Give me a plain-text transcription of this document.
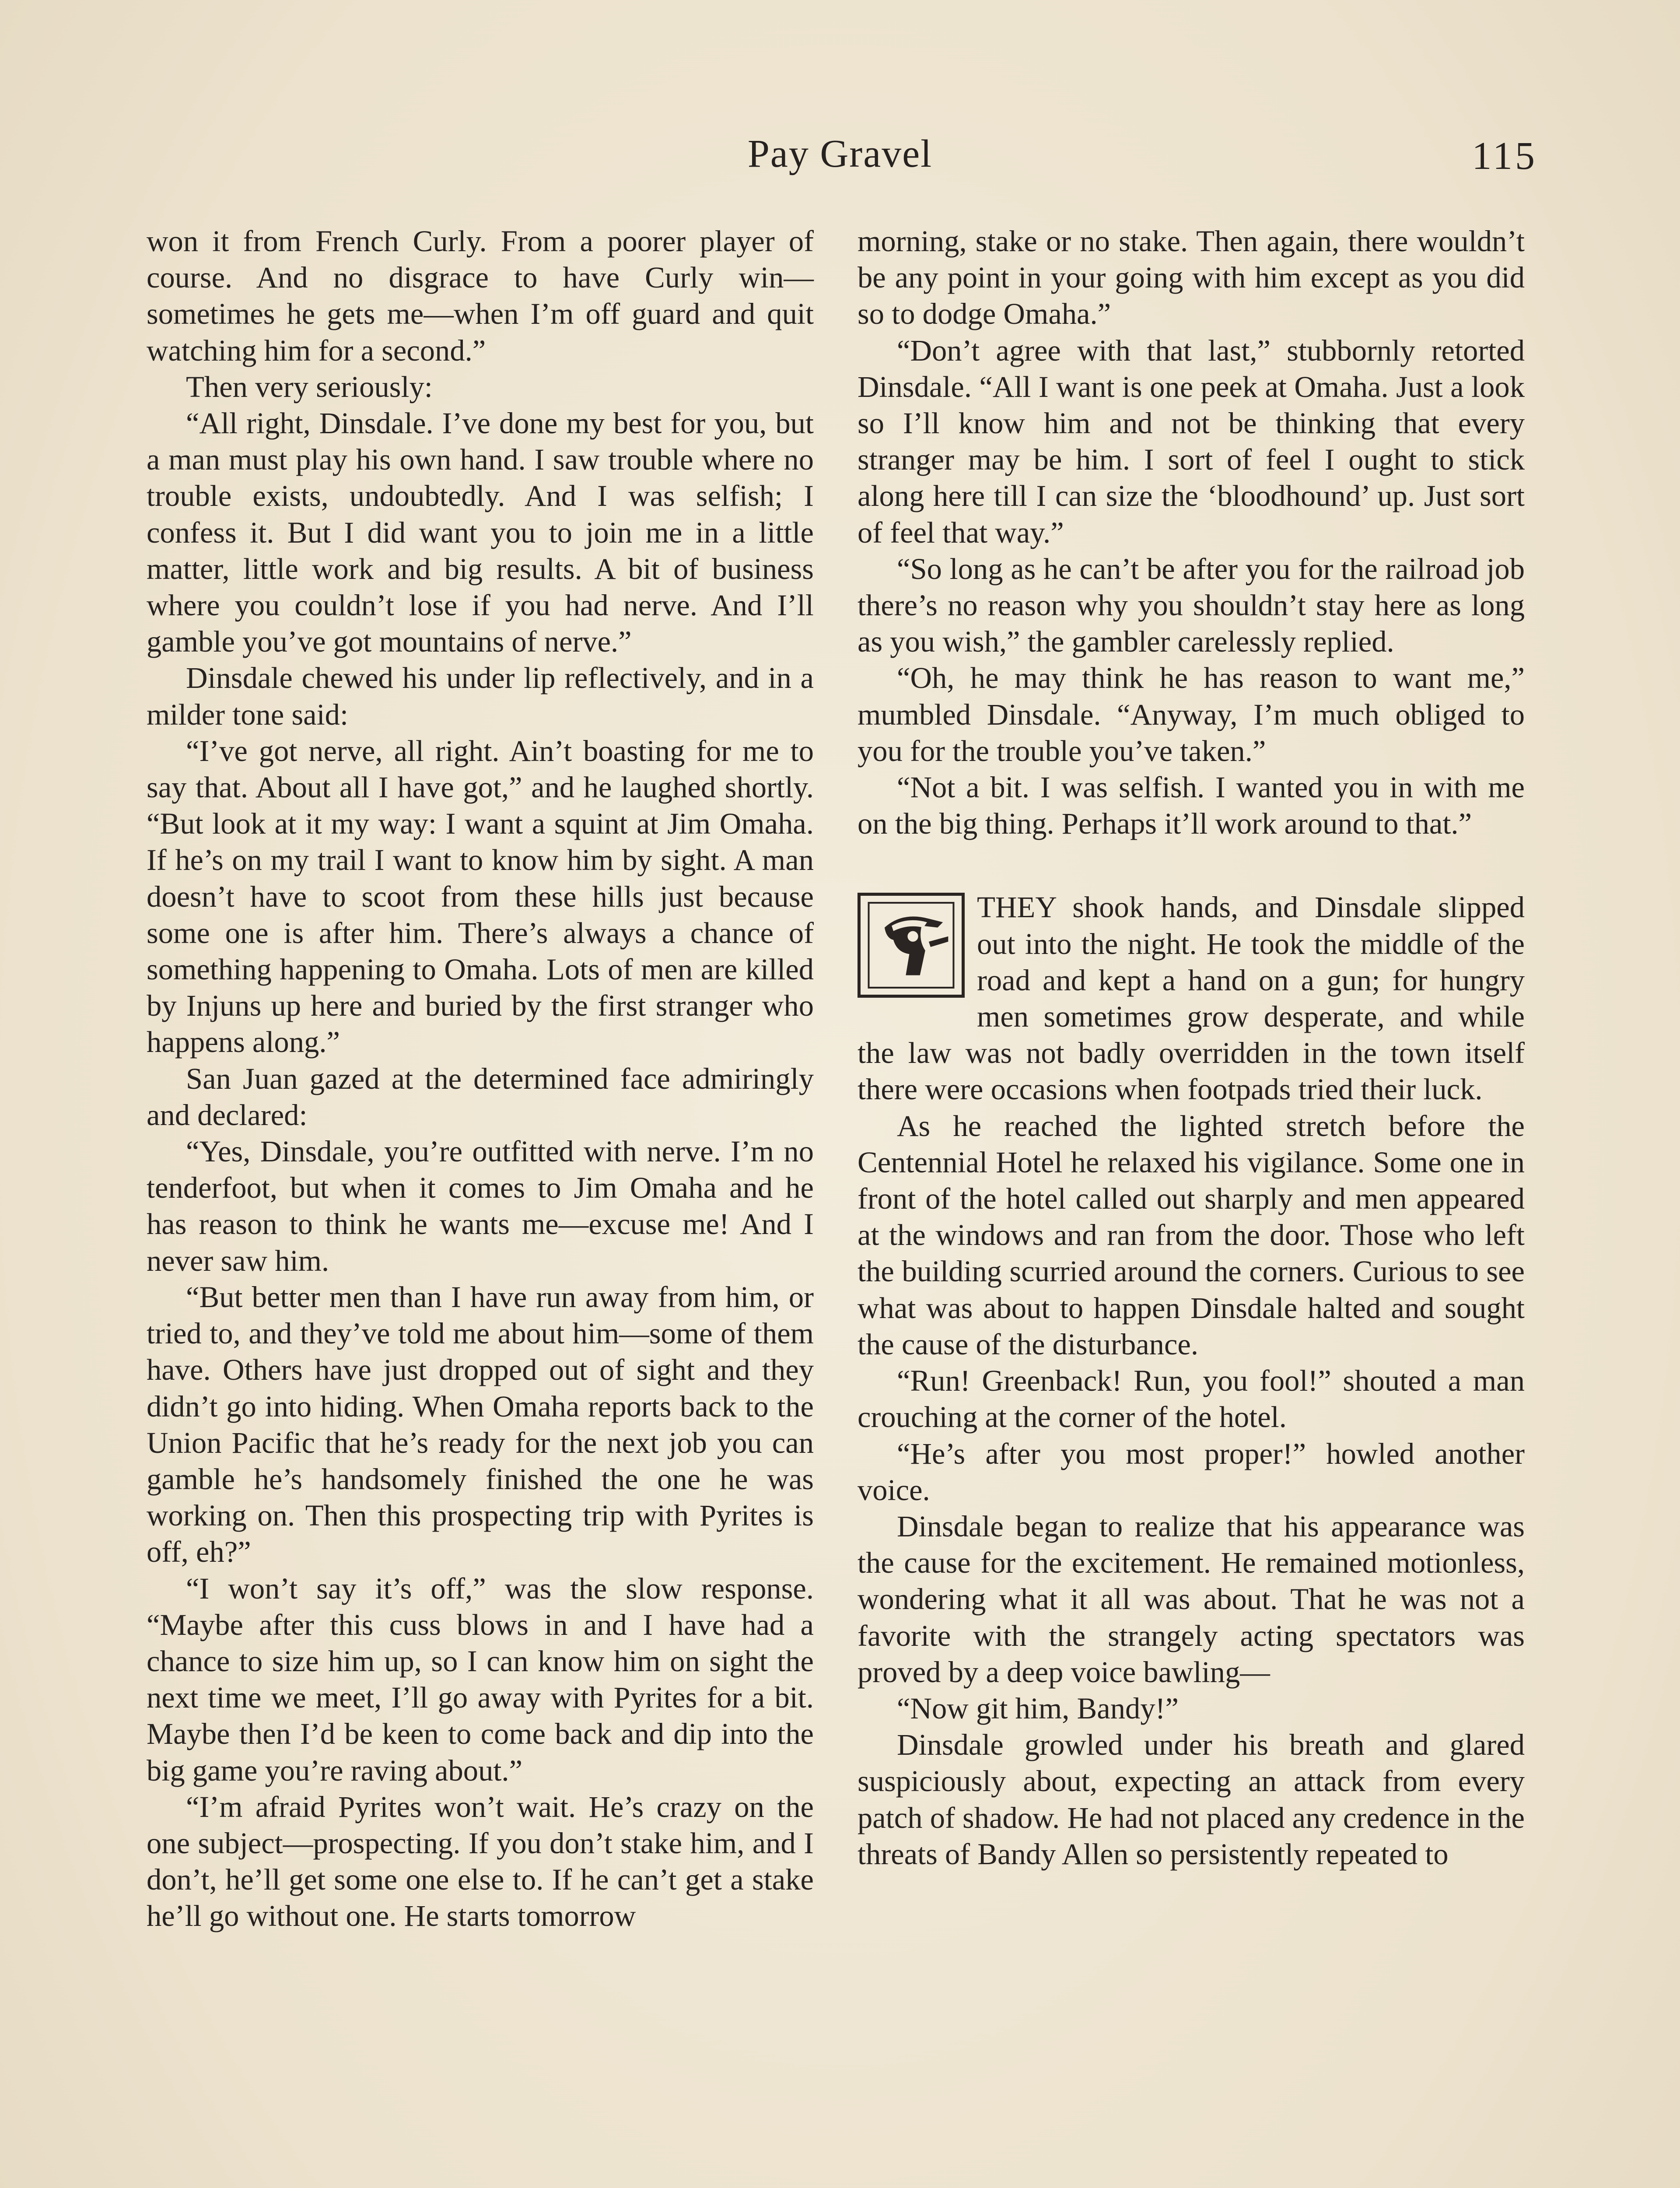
Pay Gravel	115

won it from French Curly. From a poorer player of course. And no disgrace to have Curly win—sometimes he gets me—when I’m off guard and quit watching him for a second.”

Then very seriously:

“All right, Dinsdale. I’ve done my best for you, but a man must play his own hand. I saw trouble where no trouble exists, undoubtedly. And I was selfish; I confess it. But I did want you to join me in a little matter, little work and big results. A bit of business where you couldn’t lose if you had nerve. And I’ll gamble you’ve got mountains of nerve.”

Dinsdale chewed his under lip reflectively, and in a milder tone said:

“I’ve got nerve, all right. Ain’t boasting for me to say that. About all I have got,” and he laughed shortly. “But look at it my way: I want a squint at Jim Omaha. If he’s on my trail I want to know him by sight. A man doesn’t have to scoot from these hills just because some one is after him. There’s always a chance of something happening to Omaha. Lots of men are killed by Injuns up here and buried by the first stranger who happens along.”

San Juan gazed at the determined face admiringly and declared:

“Yes, Dinsdale, you’re outfitted with nerve. I’m no tenderfoot, but when it comes to Jim Omaha and he has reason to think he wants me—excuse me! And I never saw him.

“But better men than I have run away from him, or tried to, and they’ve told me about him—some of them have. Others have just dropped out of sight and they didn’t go into hiding. When Omaha reports back to the Union Pacific that he’s ready for the next job you can gamble he’s handsomely finished the one he was working on. Then this prospecting trip with Pyrites is off, eh?”

“I won’t say it’s off,” was the slow response. “Maybe after this cuss blows in and I have had a chance to size him up, so I can know him on sight the next time we meet, I’ll go away with Pyrites for a bit. Maybe then I’d be keen to come back and dip into the big game you’re raving about.”

“I’m afraid Pyrites won’t wait. He’s crazy on the one subject—prospecting. If you don’t stake him, and I don’t, he’ll get some one else to. If he can’t get a stake he’ll go without one. He starts tomorrow

morning, stake or no stake. Then again, there wouldn’t be any point in your going with him except as you did so to dodge Omaha.”

“Don’t agree with that last,” stubbornly retorted Dinsdale. “All I want is one peek at Omaha. Just a look so I’ll know him and not be thinking that every stranger may be him. I sort of feel I ought to stick along here till I can size the ‘bloodhound’ up. Just sort of feel that way.”

“So long as he can’t be after you for the railroad job there’s no reason why you shouldn’t stay here as long as you wish,” the gambler carelessly replied.

“Oh, he may think he has reason to want me,” mumbled Dinsdale. “Anyway, I’m much obliged to you for the trouble you’ve taken.”

“Not a bit. I was selfish. I wanted you in with me on the big thing. Perhaps it’ll work around to that.”

THEY shook hands, and Dinsdale slipped out into the night. He took the middle of the road and kept a hand on a gun; for hungry men sometimes grow desperate, and while the law was not badly overridden in the town itself there were occasions when footpads tried their luck.

As he reached the lighted stretch before the Centennial Hotel he relaxed his vigilance. Some one in front of the hotel called out sharply and men appeared at the windows and ran from the door. Those who left the building scurried around the corners. Curious to see what was about to happen Dinsdale halted and sought the cause of the disturbance.

“Run! Greenback! Run, you fool!” shouted a man crouching at the corner of the hotel.

“He’s after you most proper!” howled another voice.

Dinsdale began to realize that his appearance was the cause for the excitement. He remained motionless, wondering what it all was about. That he was not a favorite with the strangely acting spectators was proved by a deep voice bawling—

“Now git him, Bandy!”

Dinsdale growled under his breath and glared suspiciously about, expecting an attack from every patch of shadow. He had not placed any credence in the threats of Bandy Allen so persistently repeated to
